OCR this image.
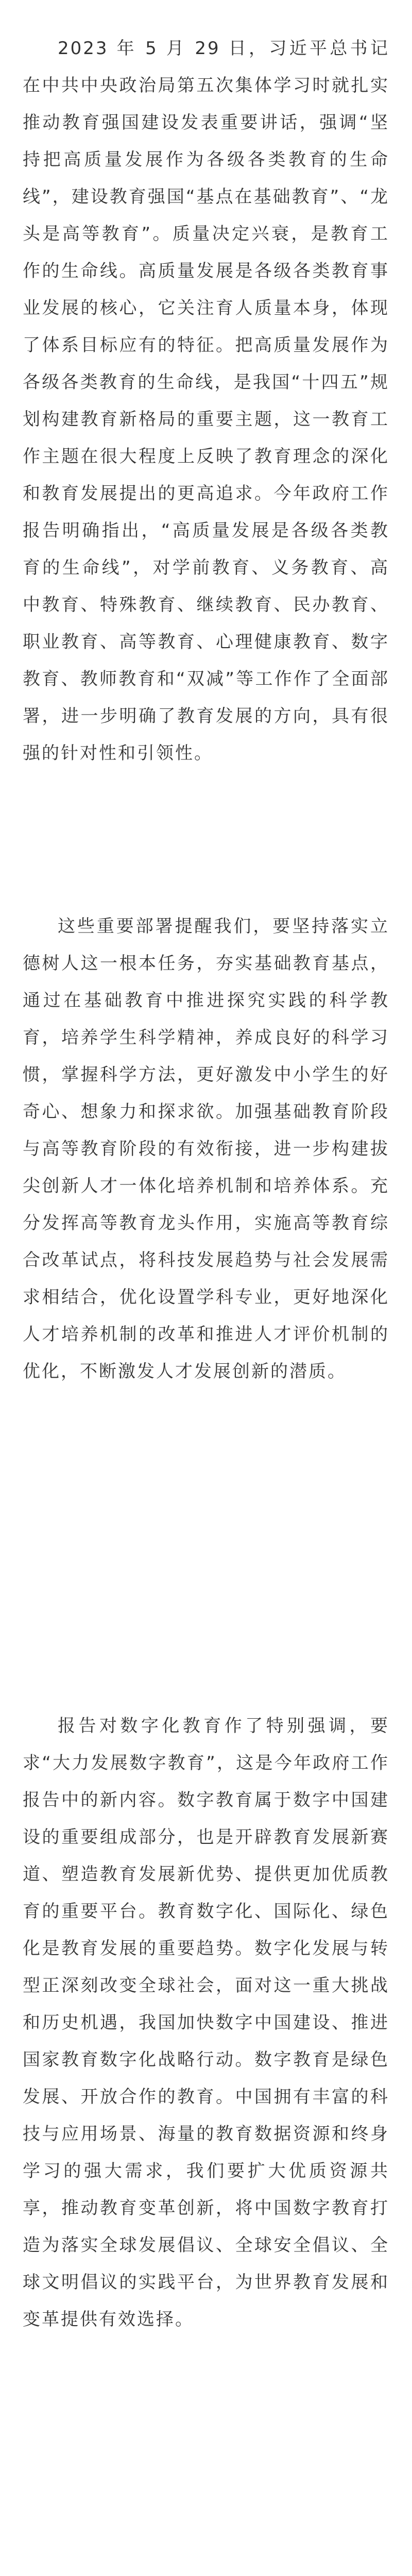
2023 年 5 月 29 日，习近平总书记在中共中央政治局第五次集体学习时就扎实推动教育强国建设发表重要讲话，强调“坚持把高质量发展作为各级各类教育的生命线”，建设教育强国“基点在基础教育”、“龙头是高等教育”。质量决定兴衰，是教育工作的生命线。高质量发展是各级各类教育事业发展的核心，它关注育人质量本身，体现了体系目标应有的特征。把高质量发展作为各级各类教育的生命线，是我国“十四五”规划构建教育新格局的重要主题，这一教育工作主题在很大程度上反映了教育理念的深化和教育发展提出的更高追求。今年政府工作报告明确指出，“高质量发展是各级各类教育的生命线”，对学前教育、义务教育、高中教育、特殊教育、继续教育、民办教育、职业教育、高等教育、心理健康教育、数字教育、教师教育和“双减”等工作作了全面部署，进一步明确了教育发展的方向，具有很强的针对性和引领性。

这些重要部署提醒我们，要坚持落实立德树人这一根本任务，夯实基础教育基点，通过在基础教育中推进探究实践的科学教育，培养学生科学精神，养成良好的科学习惯，掌握科学方法，更好激发中小学生的好奇心、想象力和探求欲。加强基础教育阶段与高等教育阶段的有效衔接，进一步构建拔尖创新人才一体化培养机制和培养体系。充分发挥高等教育龙头作用，实施高等教育综合改革试点，将科技发展趋势与社会发展需求相结合，优化设置学科专业，更好地深化人才培养机制的改革和推进人才评价机制的优化，不断激发人才发展创新的潜质。

报告对数字化教育作了特别强调，要求“大力发展数字教育”，这是今年政府工作报告中的新内容。数字教育属于数字中国建设的重要组成部分，也是开辟教育发展新赛道、塑造教育发展新优势、提供更加优质教育的重要平台。教育数字化、国际化、绿色化是教育发展的重要趋势。数字化发展与转型正深刻改变全球社会，面对这一重大挑战和历史机遇，我国加快数字中国建设、推进国家教育数字化战略行动。数字教育是绿色发展、开放合作的教育。中国拥有丰富的科技与应用场景、海量的教育数据资源和终身学习的强大需求，我们要扩大优质资源共享，推动教育变革创新，将中国数字教育打造为落实全球发展倡议、全球安全倡议、全球文明倡议的实践平台，为世界教育发展和变革提供有效选择。
